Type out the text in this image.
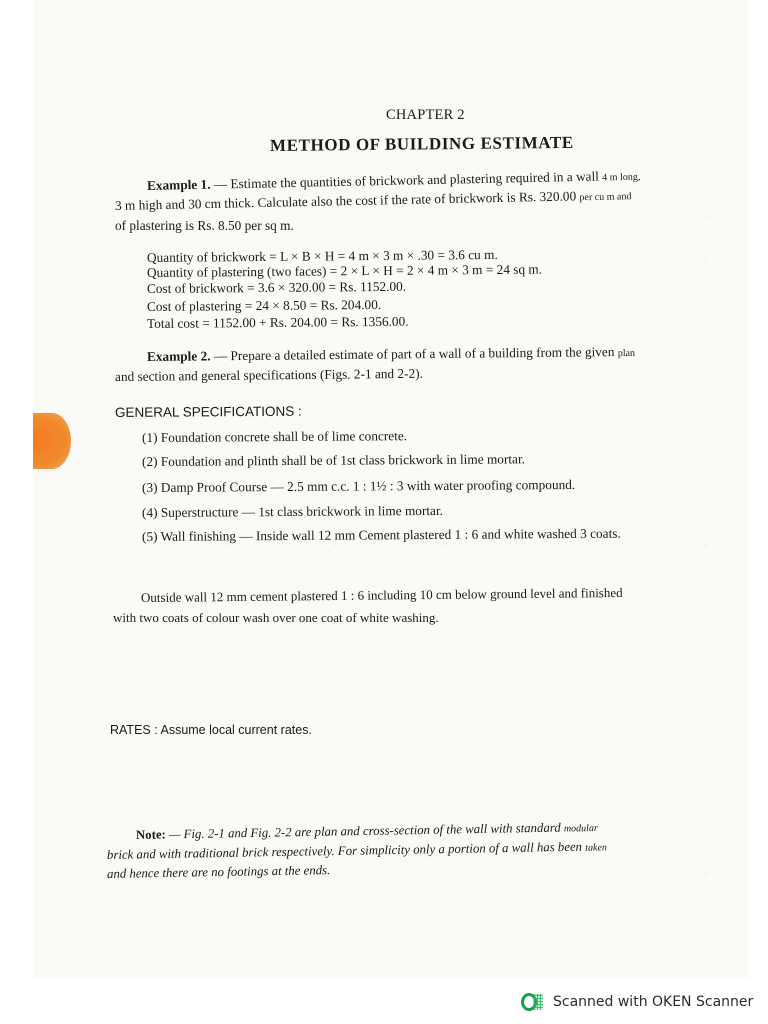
CHAPTER 2
METHOD OF BUILDING ESTIMATE
Example 1. — Estimate the quantities of brickwork and plastering required in a wall 4 m long,
3 m high and 30 cm thick. Calculate also the cost if the rate of brickwork is Rs. 320.00 per cu m and
of plastering is Rs. 8.50 per sq m.
Quantity of brickwork = L × B × H = 4 m × 3 m × .30 = 3.6 cu m.
Quantity of plastering (two faces) = 2 × L × H = 2 × 4 m × 3 m = 24 sq m.
Cost of brickwork = 3.6 × 320.00 = Rs. 1152.00.
Cost of plastering = 24 × 8.50 = Rs. 204.00.
Total cost = 1152.00 + Rs. 204.00 = Rs. 1356.00.
Example 2. — Prepare a detailed estimate of part of a wall of a building from the given plan
and section and general specifications (Figs. 2-1 and 2-2).
GENERAL SPECIFICATIONS :
(1) Foundation concrete shall be of lime concrete.
(2) Foundation and plinth shall be of 1st class brickwork in lime mortar.
(3) Damp Proof Course — 2.5 mm c.c. 1 : 1½ : 3 with water proofing compound.
(4) Superstructure — 1st class brickwork in lime mortar.
(5) Wall finishing — Inside wall 12 mm Cement plastered 1 : 6 and white washed 3 coats.
Outside wall 12 mm cement plastered 1 : 6 including 10 cm below ground level and finished
with two coats of colour wash over one coat of white washing.
RATES : Assume local current rates.
Note: — Fig. 2-1 and Fig. 2-2 are plan and cross-section of the wall with standard modular
brick and with traditional brick respectively. For simplicity only a portion of a wall has been taken
and hence there are no footings at the ends.
Scanned with OKEN Scanner
